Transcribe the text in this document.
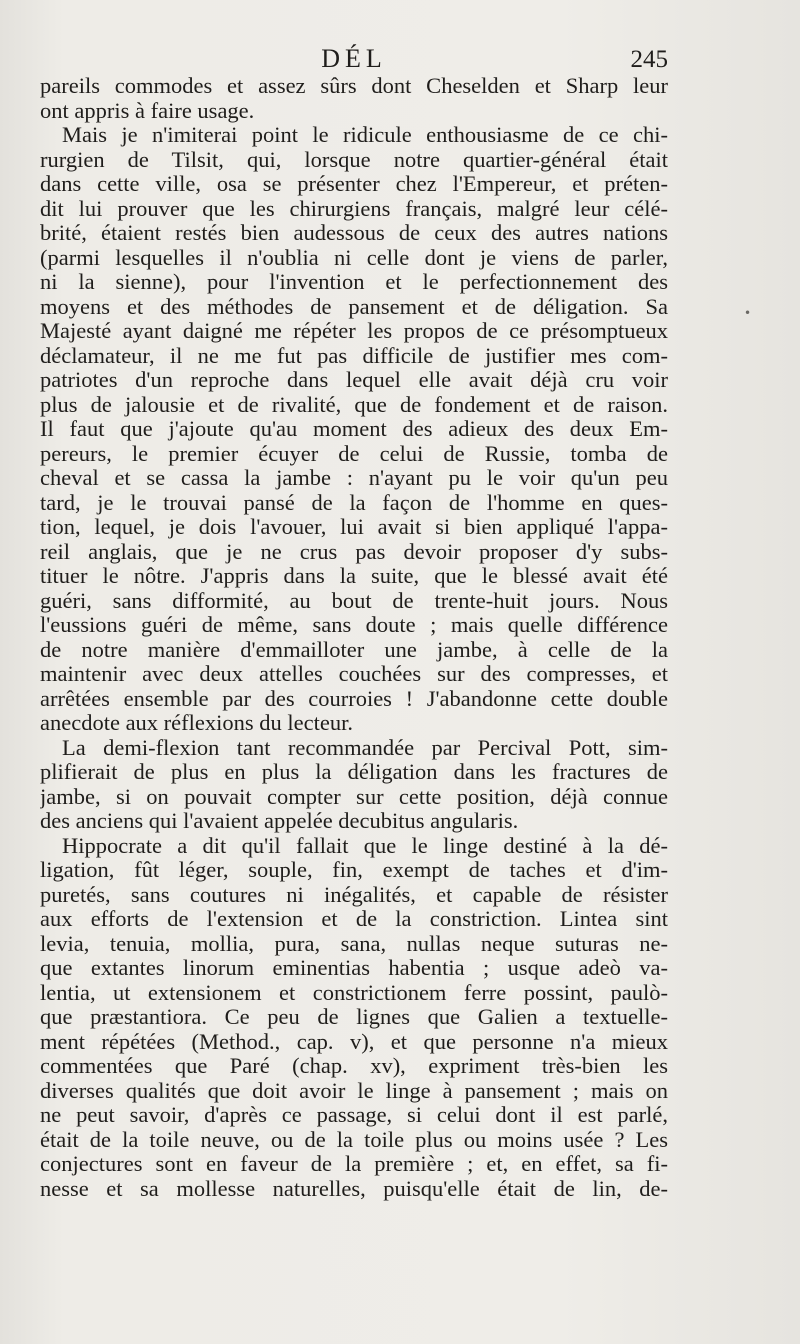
DÉL	245
pareils commodes et assez sûrs dont Cheselden et Sharp leur
ont appris à faire usage.
Mais je n'imiterai point le ridicule enthousiasme de ce chi-
rurgien de Tilsit, qui, lorsque notre quartier-général était
dans cette ville, osa se présenter chez l'Empereur, et préten-
dit lui prouver que les chirurgiens français, malgré leur célé-
brité, étaient restés bien audessous de ceux des autres nations
(parmi lesquelles il n'oublia ni celle dont je viens de parler,
ni la sienne), pour l'invention et le perfectionnement des
moyens et des méthodes de pansement et de déligation. Sa
Majesté ayant daigné me répéter les propos de ce présomptueux
déclamateur, il ne me fut pas difficile de justifier mes com-
patriotes d'un reproche dans lequel elle avait déjà cru voir
plus de jalousie et de rivalité, que de fondement et de raison.
Il faut que j'ajoute qu'au moment des adieux des deux Em-
pereurs, le premier écuyer de celui de Russie, tomba de
cheval et se cassa la jambe : n'ayant pu le voir qu'un peu
tard, je le trouvai pansé de la façon de l'homme en ques-
tion, lequel, je dois l'avouer, lui avait si bien appliqué l'appa-
reil anglais, que je ne crus pas devoir proposer d'y subs-
tituer le nôtre. J'appris dans la suite, que le blessé avait été
guéri, sans difformité, au bout de trente-huit jours. Nous
l'eussions guéri de même, sans doute ; mais quelle différence
de notre manière d'emmailloter une jambe, à celle de la
maintenir avec deux attelles couchées sur des compresses, et
arrêtées ensemble par des courroies ! J'abandonne cette double
anecdote aux réflexions du lecteur.
La demi-flexion tant recommandée par Percival Pott, sim-
plifierait de plus en plus la déligation dans les fractures de
jambe, si on pouvait compter sur cette position, déjà connue
des anciens qui l'avaient appelée decubitus angularis.
Hippocrate a dit qu'il fallait que le linge destiné à la dé-
ligation, fût léger, souple, fin, exempt de taches et d'im-
puretés, sans coutures ni inégalités, et capable de résister
aux efforts de l'extension et de la constriction. Lintea sint
levia, tenuia, mollia, pura, sana, nullas neque suturas ne-
que extantes linorum eminentias habentia ; usque adeò va-
lentia, ut extensionem et constrictionem ferre possint, paulò-
que præstantiora. Ce peu de lignes que Galien a textuelle-
ment répétées (Method., cap. v), et que personne n'a mieux
commentées que Paré (chap. xv), expriment très-bien les
diverses qualités que doit avoir le linge à pansement ; mais on
ne peut savoir, d'après ce passage, si celui dont il est parlé,
était de la toile neuve, ou de la toile plus ou moins usée ? Les
conjectures sont en faveur de la première ; et, en effet, sa fi-
nesse et sa mollesse naturelles, puisqu'elle était de lin, de-
•
